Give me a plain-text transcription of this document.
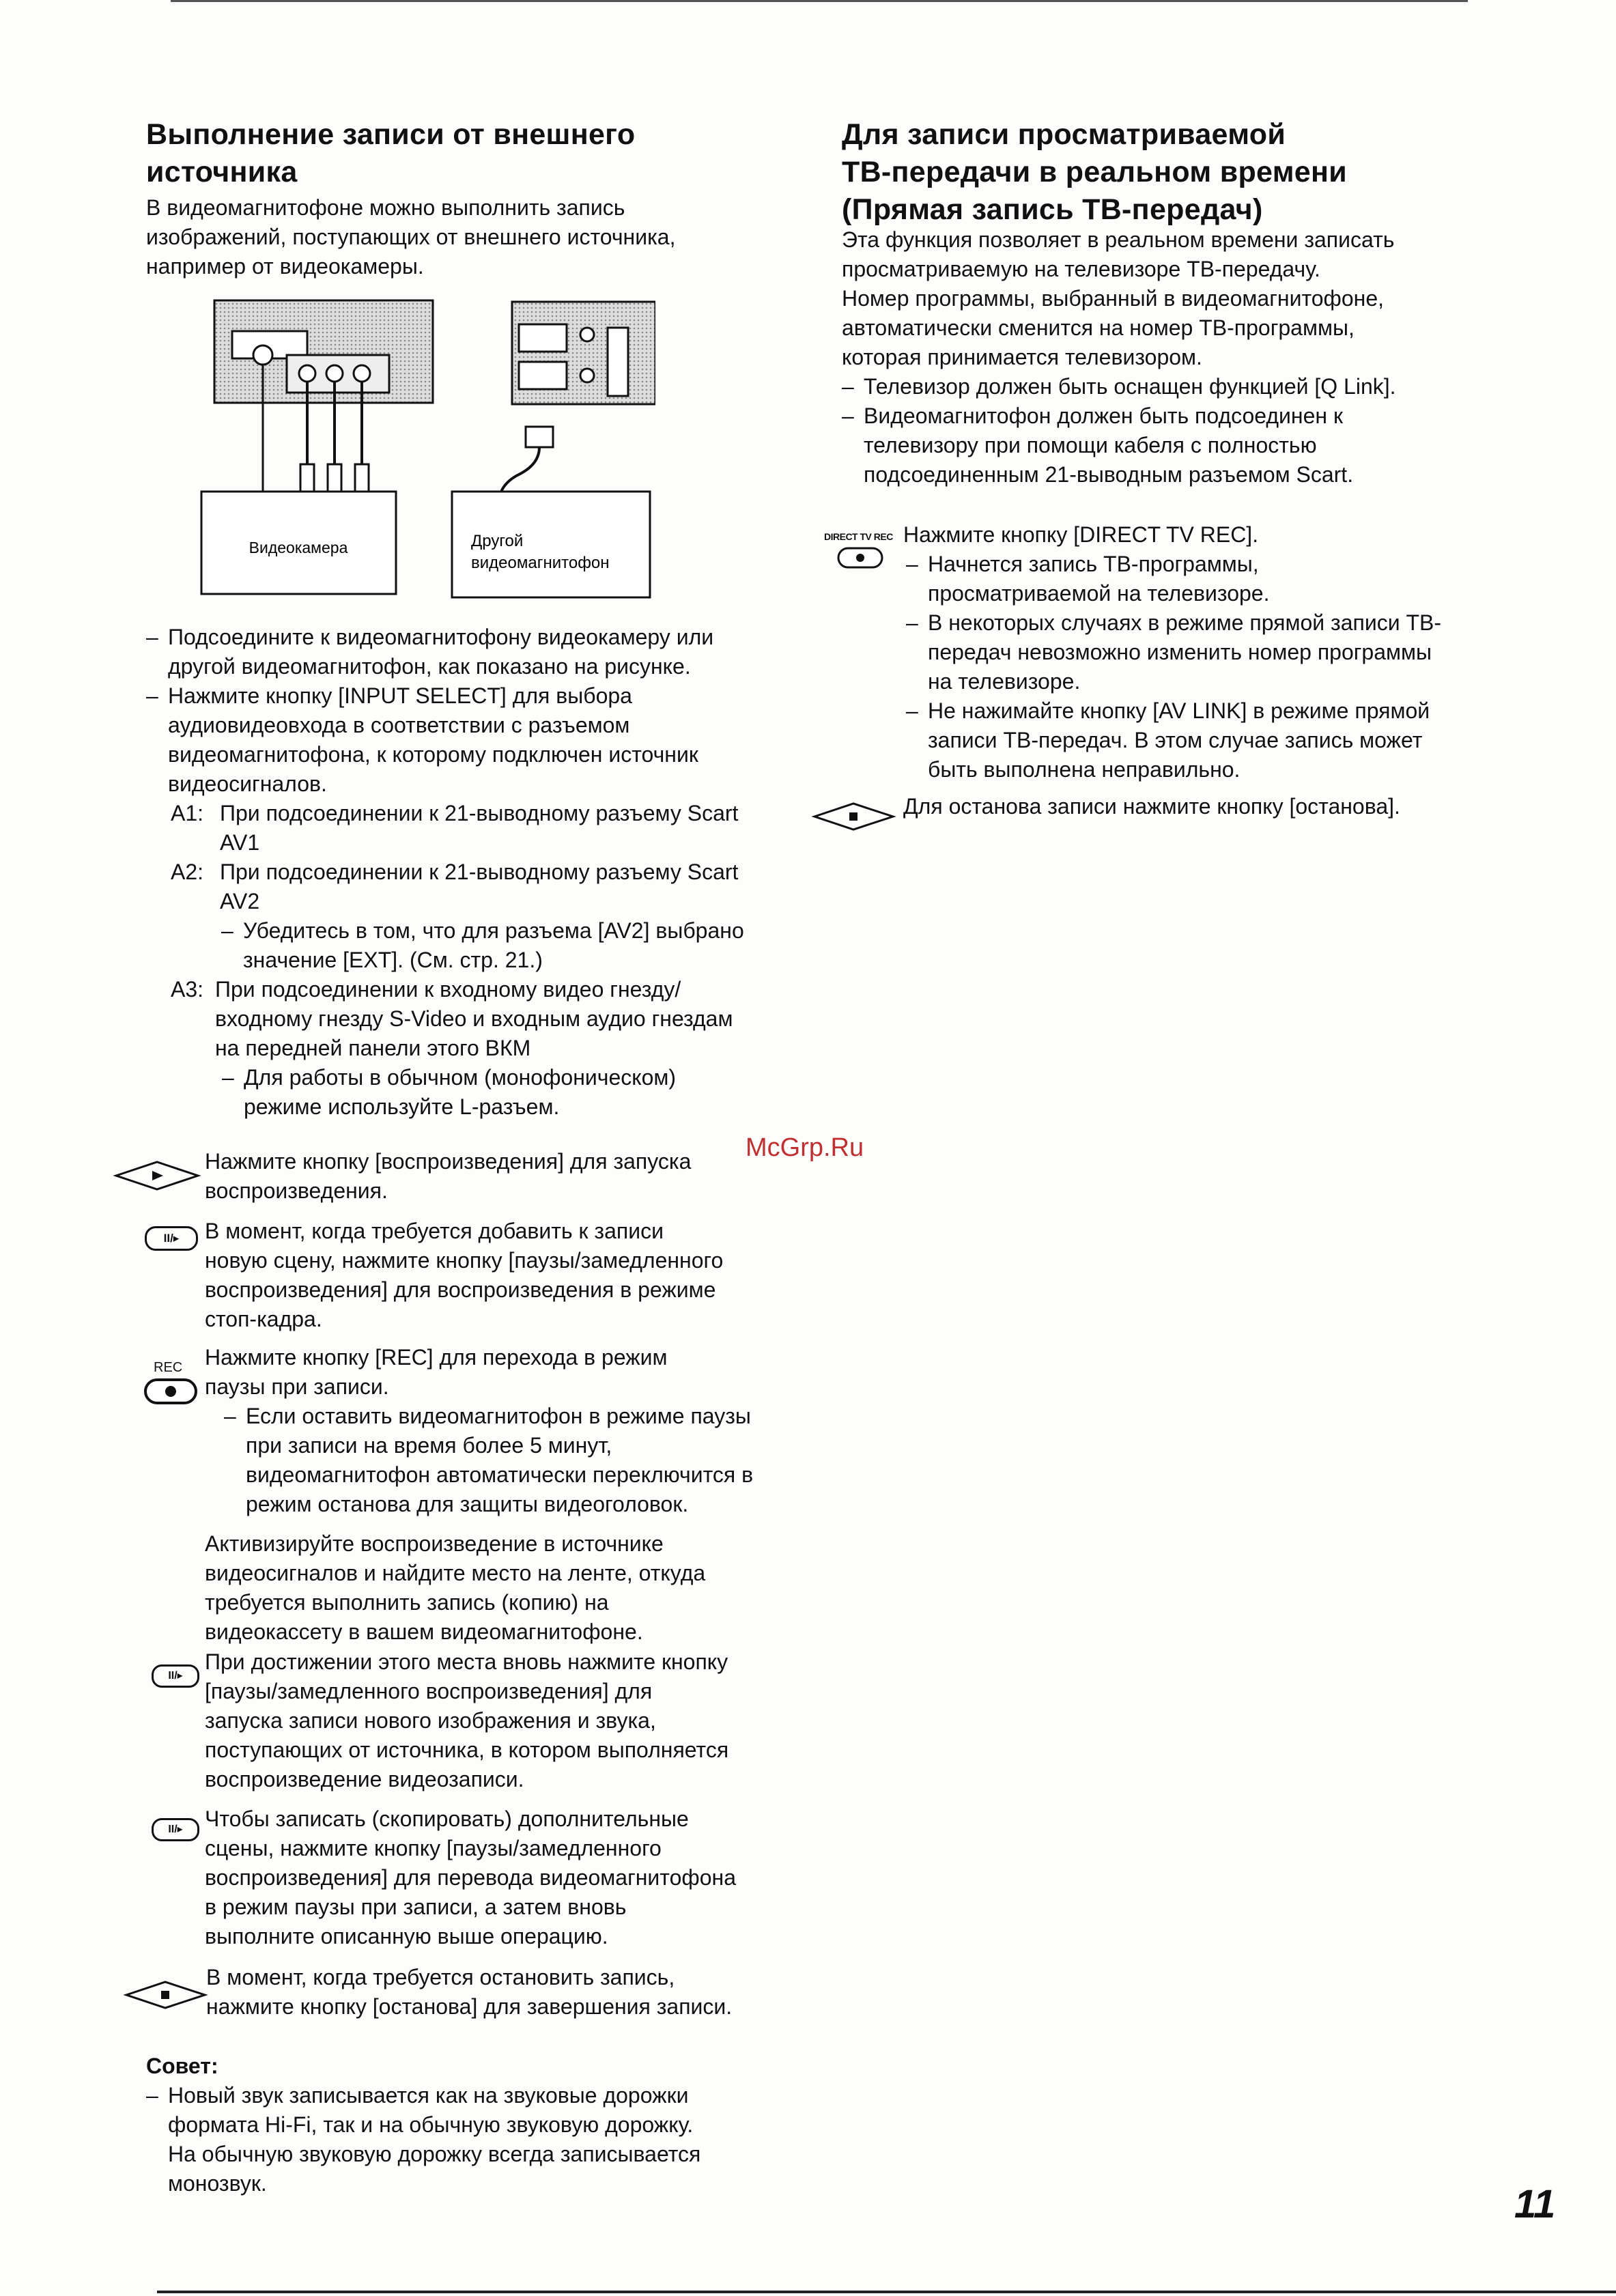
Выполнение записи от внешнего
источника
В видеомагнитофоне можно выполнить запись
изображений, поступающих от внешнего источника,
например от видеокамеры.
Видеокамера	Другой
видеомагнитофон
– Подсоедините к видеомагнитофону видеокамеру или
другой видеомагнитофон, как показано на рисунке.
– Нажмите кнопку [INPUT SELECT] для выбора
аудиовидеовхода в соответствии с разъемом
видеомагнитофона, к которому подключен источник
видеосигналов.
A1: При подсоединении к 21-выводному разъему Scart
AV1
A2: При подсоединении к 21-выводному разъему Scart
AV2
– Убедитесь в том, что для разъема [AV2] выбрано
значение [EXT]. (См. стр. 21.)
A3: При подсоединении к входному видео гнезду/
входному гнезду S-Video и входным аудио гнездам
на передней панели этого ВКМ
– Для работы в обычном (монофоническом)
режиме используйте L-разъем.
Нажмите кнопку [воспроизведения] для запуска
воспроизведения.
II/▸	В момент, когда требуется добавить к записи
новую сцену, нажмите кнопку [паузы/замедленного
воспроизведения] для воспроизведения в режиме
стоп-кадра.
REC Нажмите кнопку [REC] для перехода в режим
паузы при записи.
– Если оставить видеомагнитофон в режиме паузы
при записи на время более 5 минут,
видеомагнитофон автоматически переключится в
режим останова для защиты видеоголовок.
Активизируйте воспроизведение в источнике
видеосигналов и найдите место на ленте, откуда
требуется выполнить запись (копию) на
видеокассету в вашем видеомагнитофоне.
II/▸
При достижении этого места вновь нажмите кнопку
[паузы/замедленного воспроизведения] для
запуска записи нового изображения и звука,
поступающих от источника, в котором выполняется
воспроизведение видеозаписи.
II/▸	Чтобы записать (скопировать) дополнительные
сцены, нажмите кнопку [паузы/замедленного
воспроизведения] для перевода видеомагнитофона
в режим паузы при записи, а затем вновь
выполните описанную выше операцию.
В момент, когда требуется остановить запись,
нажмите кнопку [останова] для завершения записи.
Совет:
– Новый звук записывается как на звуковые дорожки
формата Hi-Fi, так и на обычную звуковую дорожку.
На обычную звуковую дорожку всегда записывается
монозвук.
Для записи просматриваемой
ТВ-передачи в реальном времени
(Прямая запись ТВ-передач)
Эта функция позволяет в реальном времени записать
просматриваемую на телевизоре ТВ-передачу.
Номер программы, выбранный в видеомагнитофоне,
автоматически сменится на номер ТВ-программы,
которая принимается телевизором.
– Телевизор должен быть оснащен функцией [Q Link].
– Видеомагнитофон должен быть подсоединен к
телевизору при помощи кабеля с полностью
подсоединенным 21-выводным разъемом Scart.
DIRECT TV REC Нажмите кнопку [DIRECT TV REC].
– Начнется запись ТВ-программы,
просматриваемой на телевизоре.
– В некоторых случаях в режиме прямой записи ТВ-
передач невозможно изменить номер программы
на телевизоре.
– Не нажимайте кнопку [AV LINK] в режиме прямой
записи ТВ-передач. В этом случае запись может
быть выполнена неправильно.
Для останова записи нажмите кнопку [останова].
McGrp.Ru
11
